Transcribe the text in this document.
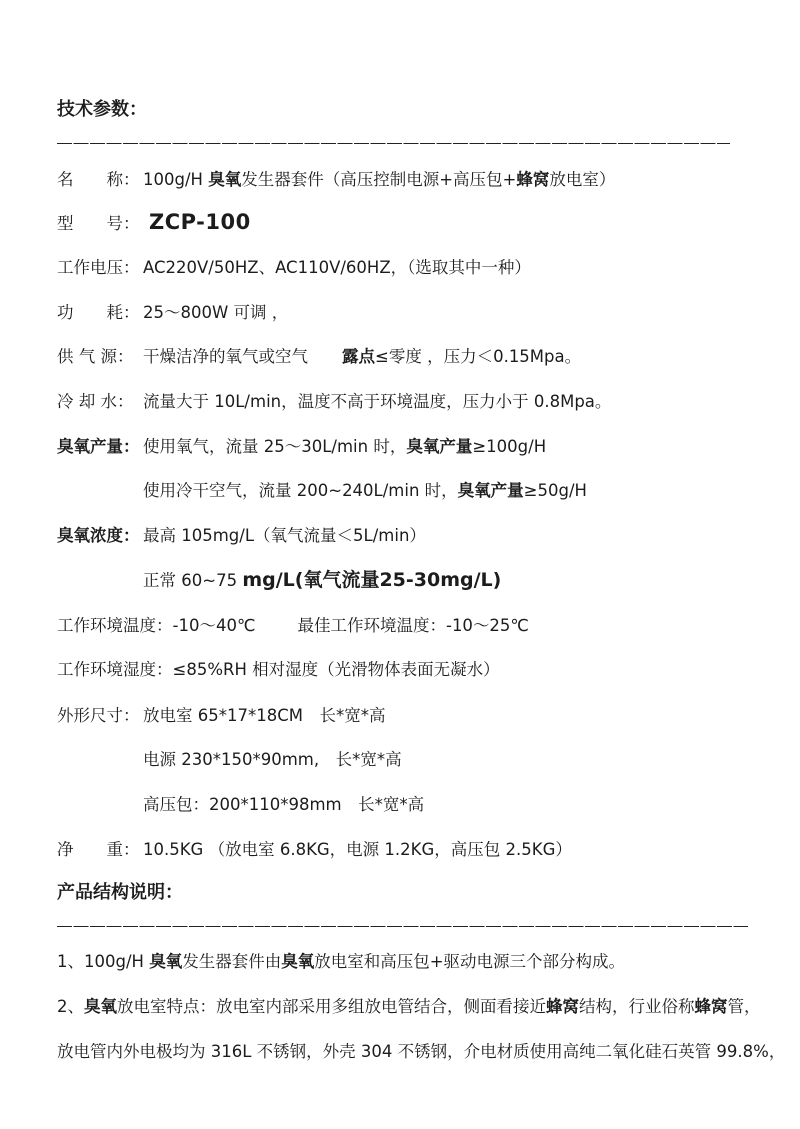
技术参数：
名　　称： 100g/H 臭氧发生器套件（高压控制电源+高压包+蜂窝放电室）
型　　号： ZCP-100
工作电压： AC220V/50HZ、AC110V/60HZ，（选取其中一种）
功　　耗： 25～800W 可调 ，
供 气 源： 干燥洁净的氧气或空气 露点≤零度 ，压力＜0.15Mpa。
冷 却 水： 流量大于 10L/min，温度不高于环境温度，压力小于 0.8Mpa。
臭氧产量： 使用氧气，流量 25～30L/min 时，臭氧产量≥100g/H
使用冷干空气，流量 200~240L/min 时，臭氧产量≥50g/H
臭氧浓度： 最高 105mg/L（氧气流量＜5L/min）
正常 60~75 mg/L(氧气流量25-30mg/L)
工作环境温度：-10～40℃	最佳工作环境温度：-10～25℃
工作环境湿度：≤85%RH 相对湿度（光滑物体表面无凝水）
外形尺寸： 放电室 65*17*18CM　长*宽*高
电源 230*150*90mm,　长*宽*高
高压包：200*110*98mm　长*宽*高
净　　重： 10.5KG （放电室 6.8KG，电源 1.2KG，高压包 2.5KG）
产品结构说明：
1、100g/H 臭氧发生器套件由臭氧放电室和高压包+驱动电源三个部分构成。
2、臭氧放电室特点：放电室内部采用多组放电管结合，侧面看接近蜂窝结构，行业俗称蜂窝管，
放电管内外电极均为 316L 不锈钢，外壳 304 不锈钢，介电材质使用高纯二氧化硅石英管 99.8%，
